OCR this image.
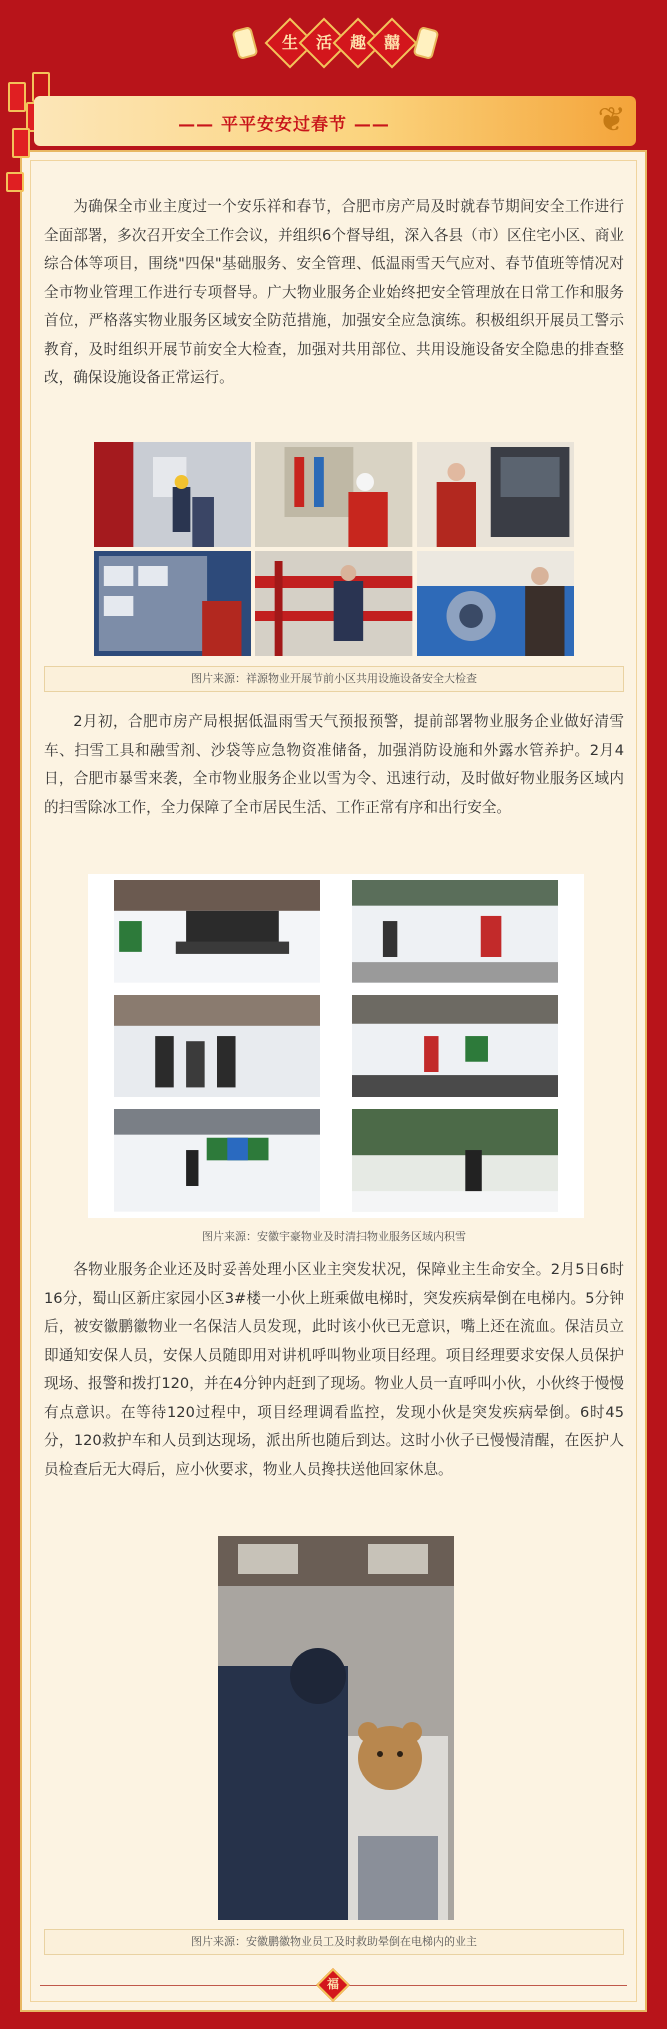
生	活	趣	囍
—— 平平安安过春节 ——	❦

为确保全市业主度过一个安乐祥和春节，合肥市房产局及时就春节期间安全工作进行全面部署，多次召开安全工作会议，并组织6个督导组，深入各县（市）区住宅小区、商业综合体等项目，围绕"四保"基础服务、安全管理、低温雨雪天气应对、春节值班等情况对全市物业管理工作进行专项督导。广大物业服务企业始终把安全管理放在日常工作和服务首位，严格落实物业服务区域安全防范措施，加强安全应急演练。积极组织开展员工警示教育，及时组织开展节前安全大检查，加强对共用部位、共用设施设备安全隐患的排查整改，确保设施设备正常运行。

图片来源：祥源物业开展节前小区共用设施设备安全大检查

2月初，合肥市房产局根据低温雨雪天气预报预警，提前部署物业服务企业做好清雪车、扫雪工具和融雪剂、沙袋等应急物资准储备，加强消防设施和外露水管养护。2月4日，合肥市暴雪来袭，全市物业服务企业以雪为令、迅速行动，及时做好物业服务区域内的扫雪除冰工作，全力保障了全市居民生活、工作正常有序和出行安全。

图片来源：安徽宇豪物业及时清扫物业服务区域内积雪

各物业服务企业还及时妥善处理小区业主突发状况，保障业主生命安全。2月5日6时16分，蜀山区新庄家园小区3#楼一小伙上班乘做电梯时，突发疾病晕倒在电梯内。5分钟后，被安徽鹏徽物业一名保洁人员发现，此时该小伙已无意识，嘴上还在流血。保洁员立即通知安保人员，安保人员随即用对讲机呼叫物业项目经理。项目经理要求安保人员保护现场、报警和拨打120，并在4分钟内赶到了现场。物业人员一直呼叫小伙，小伙终于慢慢有点意识。在等待120过程中，项目经理调看监控，发现小伙是突发疾病晕倒。6时45分，120救护车和人员到达现场，派出所也随后到达。这时小伙子已慢慢清醒，在医护人员检查后无大碍后，应小伙要求，物业人员搀扶送他回家休息。

图片来源：安徽鹏徽物业员工及时救助晕倒在电梯内的业主
福
